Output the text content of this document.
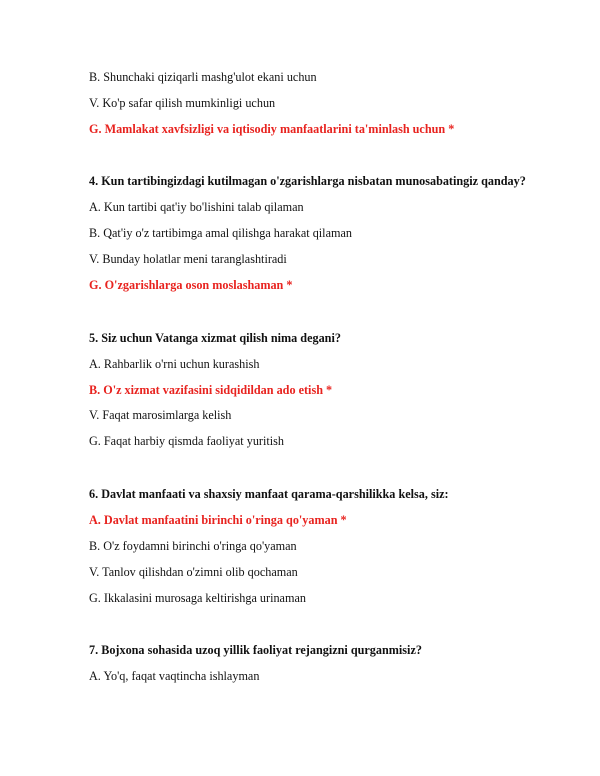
B. Shunchaki qiziqarli mashg'ulot ekani uchun
V. Ko'p safar qilish mumkinligi uchun
G. Mamlakat xavfsizligi va iqtisodiy manfaatlarini ta'minlash uchun *
4. Kun tartibingizdagi kutilmagan o'zgarishlarga nisbatan munosabatingiz qanday?
A. Kun tartibi qat'iy bo'lishini talab qilaman
B. Qat'iy o'z tartibimga amal qilishga harakat qilaman
V. Bunday holatlar meni taranglashtiradi
G. O'zgarishlarga oson moslashaman *
5. Siz uchun Vatanga xizmat qilish nima degani?
A. Rahbarlik o'rni uchun kurashish
B. O'z xizmat vazifasini sidqidildan ado etish *
V. Faqat marosimlarga kelish
G. Faqat harbiy qismda faoliyat yuritish
6. Davlat manfaati va shaxsiy manfaat qarama-qarshilikka kelsa, siz:
A. Davlat manfaatini birinchi o'ringa qo'yaman *
B. O'z foydamni birinchi o'ringa qo'yaman
V. Tanlov qilishdan o'zimni olib qochaman
G. Ikkalasini murosaga keltirishga urinaman
7. Bojxona sohasida uzoq yillik faoliyat rejangizni qurganmisiz?
A. Yo'q, faqat vaqtincha ishlayman
